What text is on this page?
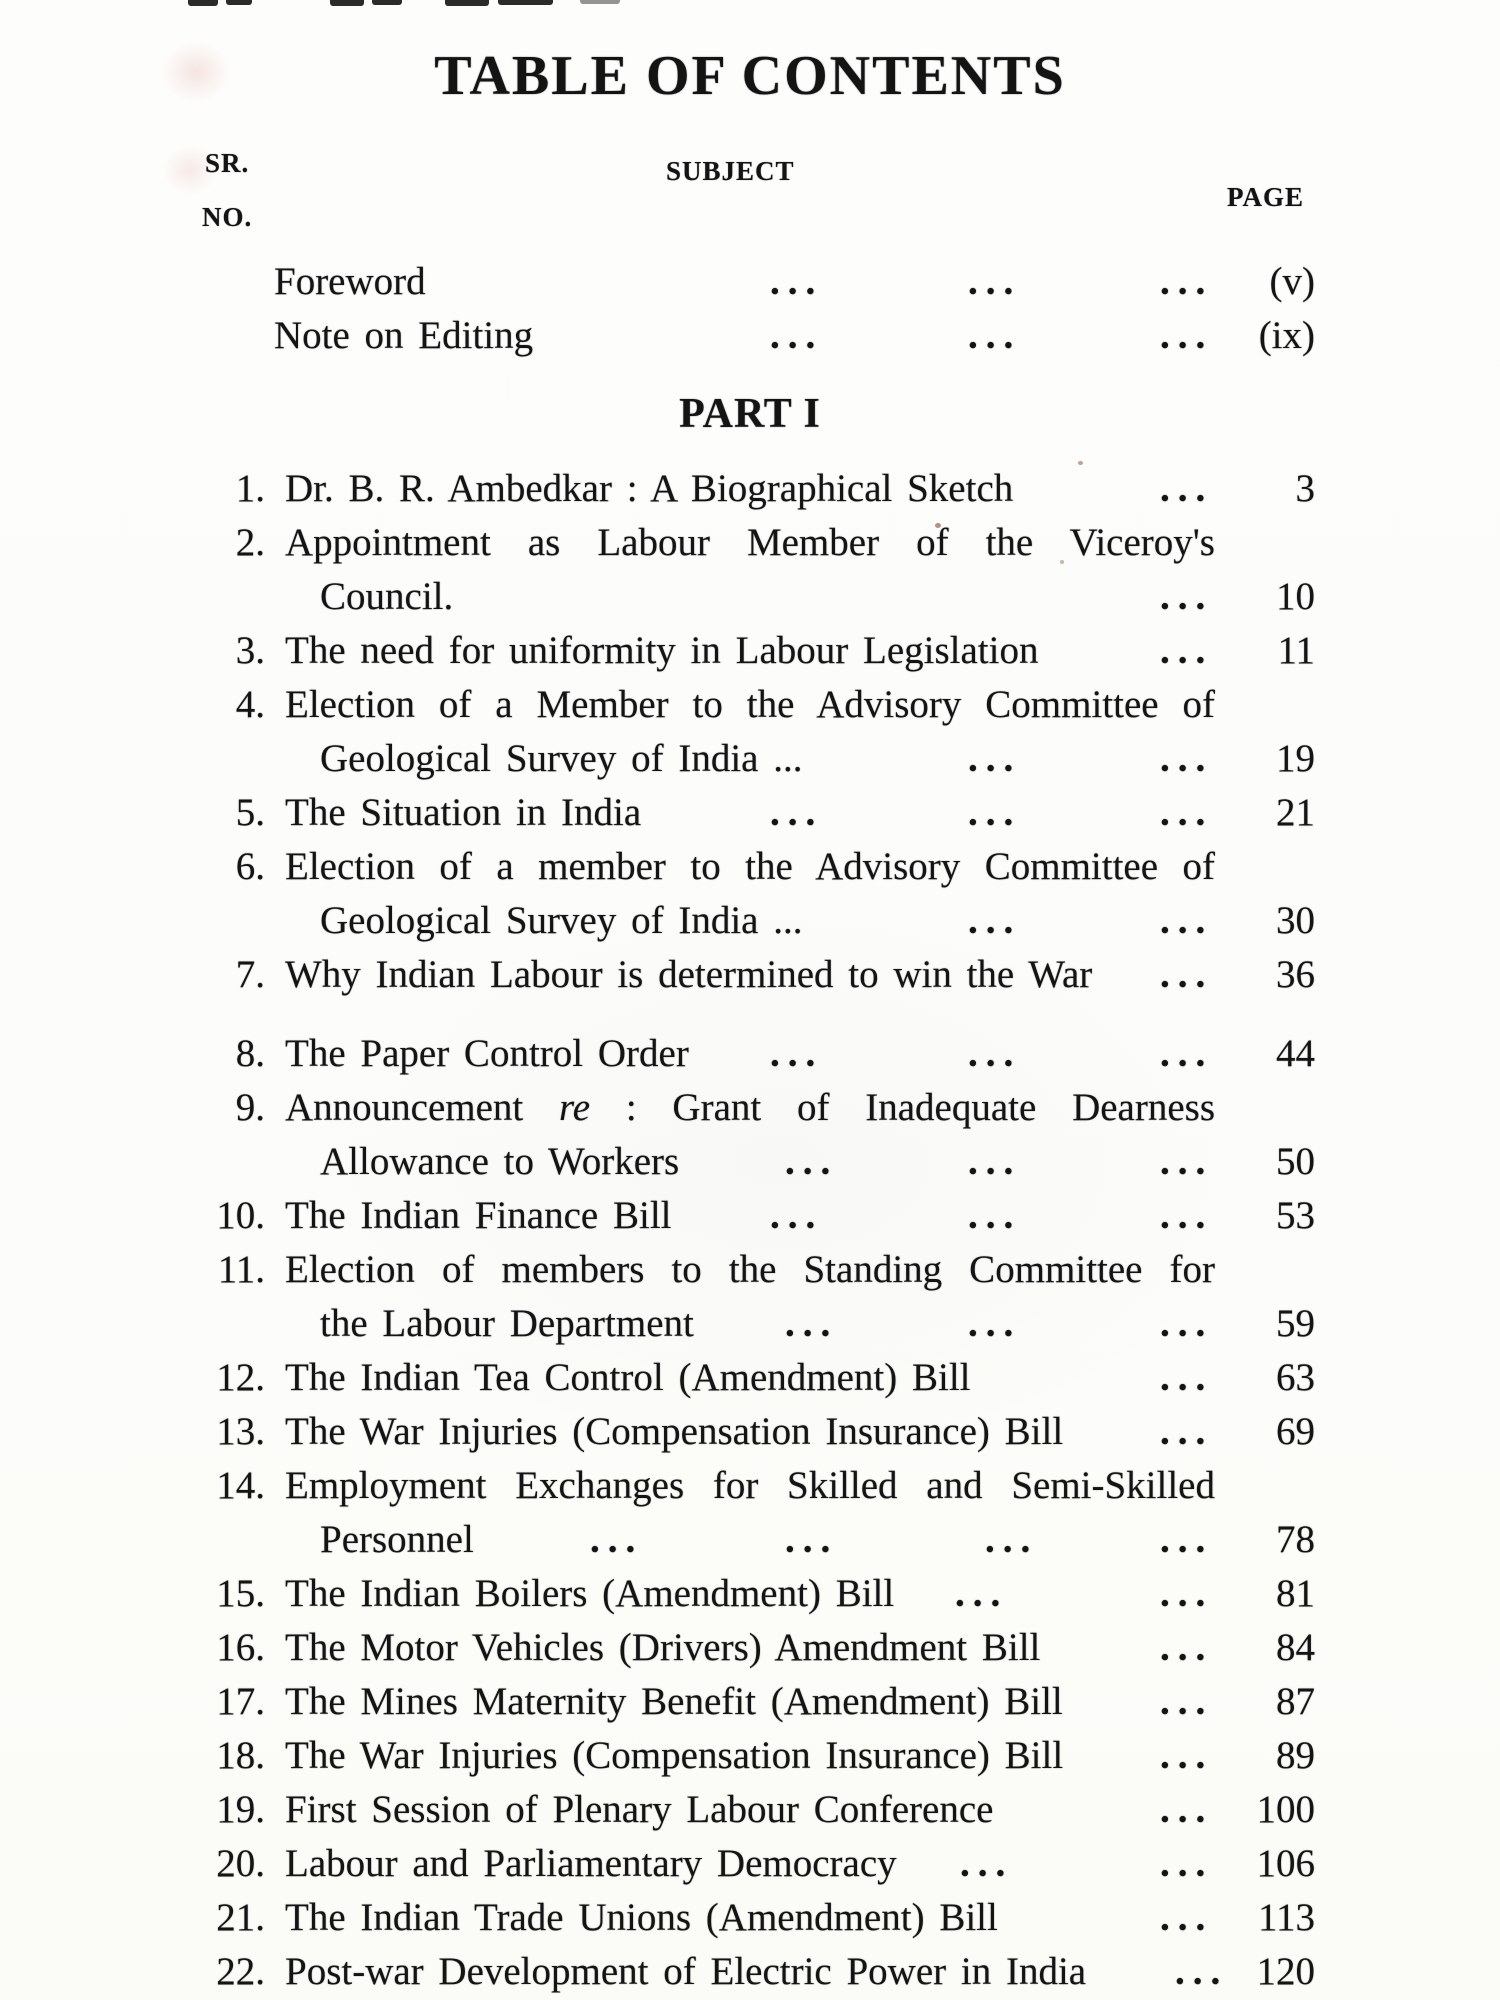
TABLE OF CONTENTS
SR.
NO.
SUBJECT
PAGE
PART I
Foreword	...	...	... (v)
Note on Editing	...	...	... (ix)
1. Dr. B. R. Ambedkar : A Biographical Sketch	... 3
2. Appointment as Labour Member of the Viceroy's
Council.	... 10
3. The need for uniformity in Labour Legislation	... 11
4. Election of a Member to the Advisory Committee of
Geological Survey of India ...	...	... 19
5. The Situation in India	...	...	... 21
6. Election of a member to the Advisory Committee of
Geological Survey of India ...	...	... 30
7. Why Indian Labour is determined to win the War ... 36
8. The Paper Control Order ...	...	... 44
9. Announcement re : Grant of Inadequate Dearness
Allowance to Workers	...	...	... 50
10. The Indian Finance Bill	...	...	... 53
11. Election of members to the Standing Committee for
the Labour Department ...	...	... 59
12. The Indian Tea Control (Amendment) Bill	... 63
13. The War Injuries (Compensation Insurance) Bill ... 69
14. Employment Exchanges for Skilled and Semi-Skilled
Personnel	...	...	...	... 78
15. The Indian Boilers (Amendment) Bill ...	... 81
16. The Motor Vehicles (Drivers) Amendment Bill	... 84
17. The Mines Maternity Benefit (Amendment) Bill ... 87
18. The War Injuries (Compensation Insurance) Bill ... 89
19. First Session of Plenary Labour Conference	... 100
20. Labour and Parliamentary Democracy ...	... 106
21. The Indian Trade Unions (Amendment) Bill	... 113
22. Post-war Development of Electric Power in India ... 120
